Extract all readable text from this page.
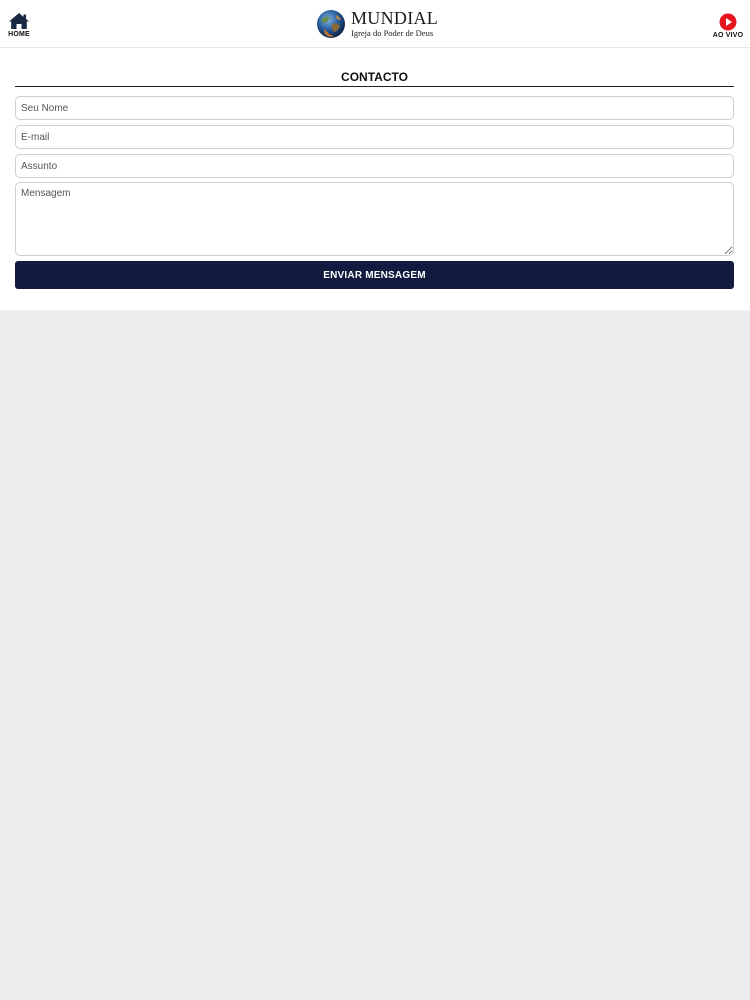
HOME
MUNDIAL
Igreja do Poder de Deus	AO VIVO
CONTACTO
Seu Nome
E-mail
Assunto
Mensagem
ENVIAR MENSAGEM
